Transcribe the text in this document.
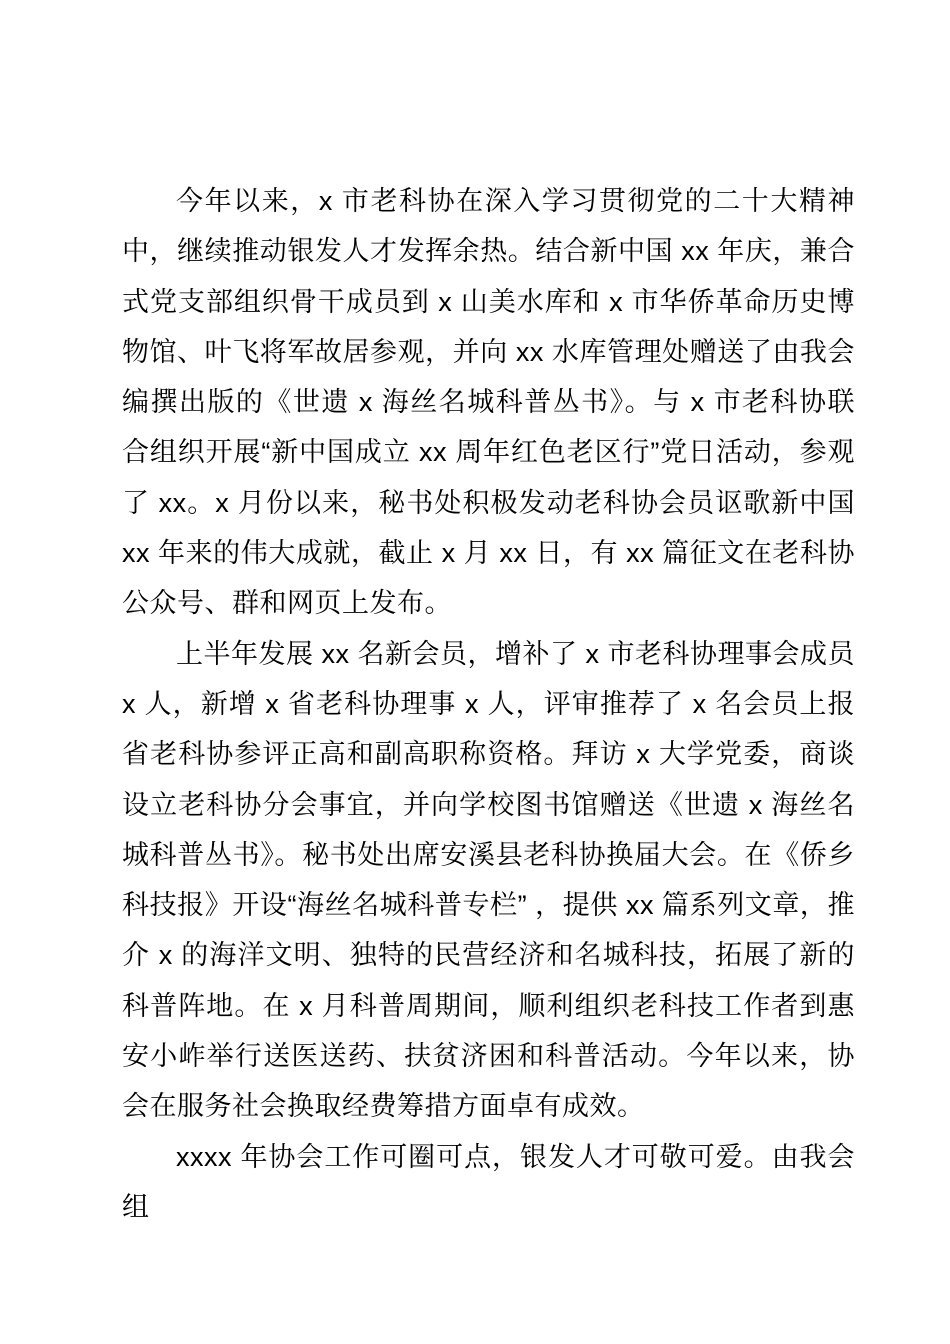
今年以来，x 市老科协在深入学习贯彻党的二十大精神中，继续推动银发人才发挥余热。结合新中国 xx 年庆，兼合式党支部组织骨干成员到 x 山美水库和 x 市华侨革命历史博物馆、叶飞将军故居参观，并向 xx 水库管理处赠送了由我会编撰出版的《世遗 x 海丝名城科普丛书》。与 x 市老科协联合组织开展“新中国成立 xx 周年红色老区行”党日活动，参观了 xx。x 月份以来，秘书处积极发动老科协会员讴歌新中国 xx 年来的伟大成就，截止 x 月 xx 日，有 xx 篇征文在老科协公众号、群和网页上发布。

上半年发展 xx 名新会员，增补了 x 市老科协理事会成员 x 人，新增 x 省老科协理事 x 人，评审推荐了 x 名会员上报省老科协参评正高和副高职称资格。拜访 x 大学党委，商谈设立老科协分会事宜，并向学校图书馆赠送《世遗 x 海丝名城科普丛书》。秘书处出席安溪县老科协换届大会。在《侨乡科技报》开设“海丝名城科普专栏” ，提供 xx 篇系列文章，推介 x 的海洋文明、独特的民营经济和名城科技，拓展了新的科普阵地。在 x 月科普周期间，顺利组织老科技工作者到惠安小岞举行送医送药、扶贫济困和科普活动。今年以来，协会在服务社会换取经费筹措方面卓有成效。

xxxx 年协会工作可圈可点，银发人才可敬可爱。由我会组
